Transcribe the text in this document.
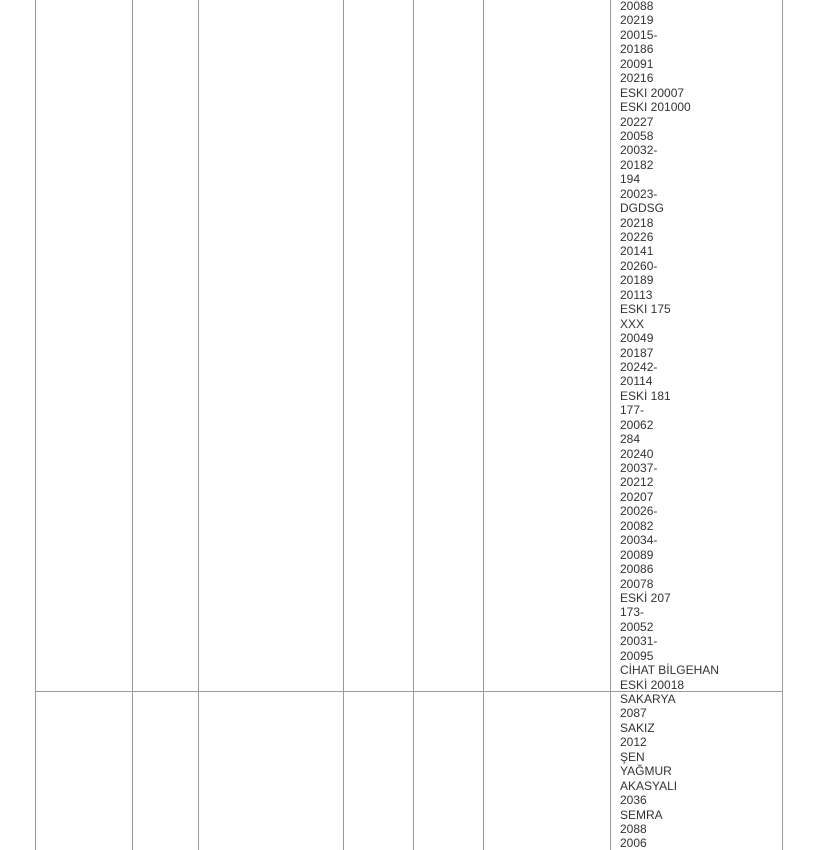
20088
20219
20015-
20186
20091
20216
ESKI 20007
ESKI 201000
20227
20058
20032-
20182
194
20023-
DGDSG
20218
20226
20141
20260-
20189
20113
ESKI 175
XXX
20049
20187
20242-
20114
ESKİ 181
177-
20062
284
20240
20037-
20212
20207
20026-
20082
20034-
20089
20086
20078
ESKİ 207
173-
20052
20031-
20095
CİHAT BİLGEHAN
ESKİ 20018
SAKARYA
2087
SAKIZ
2012
ŞEN
YAĞMUR
AKASYALI
2036
SEMRA
2088
2006
